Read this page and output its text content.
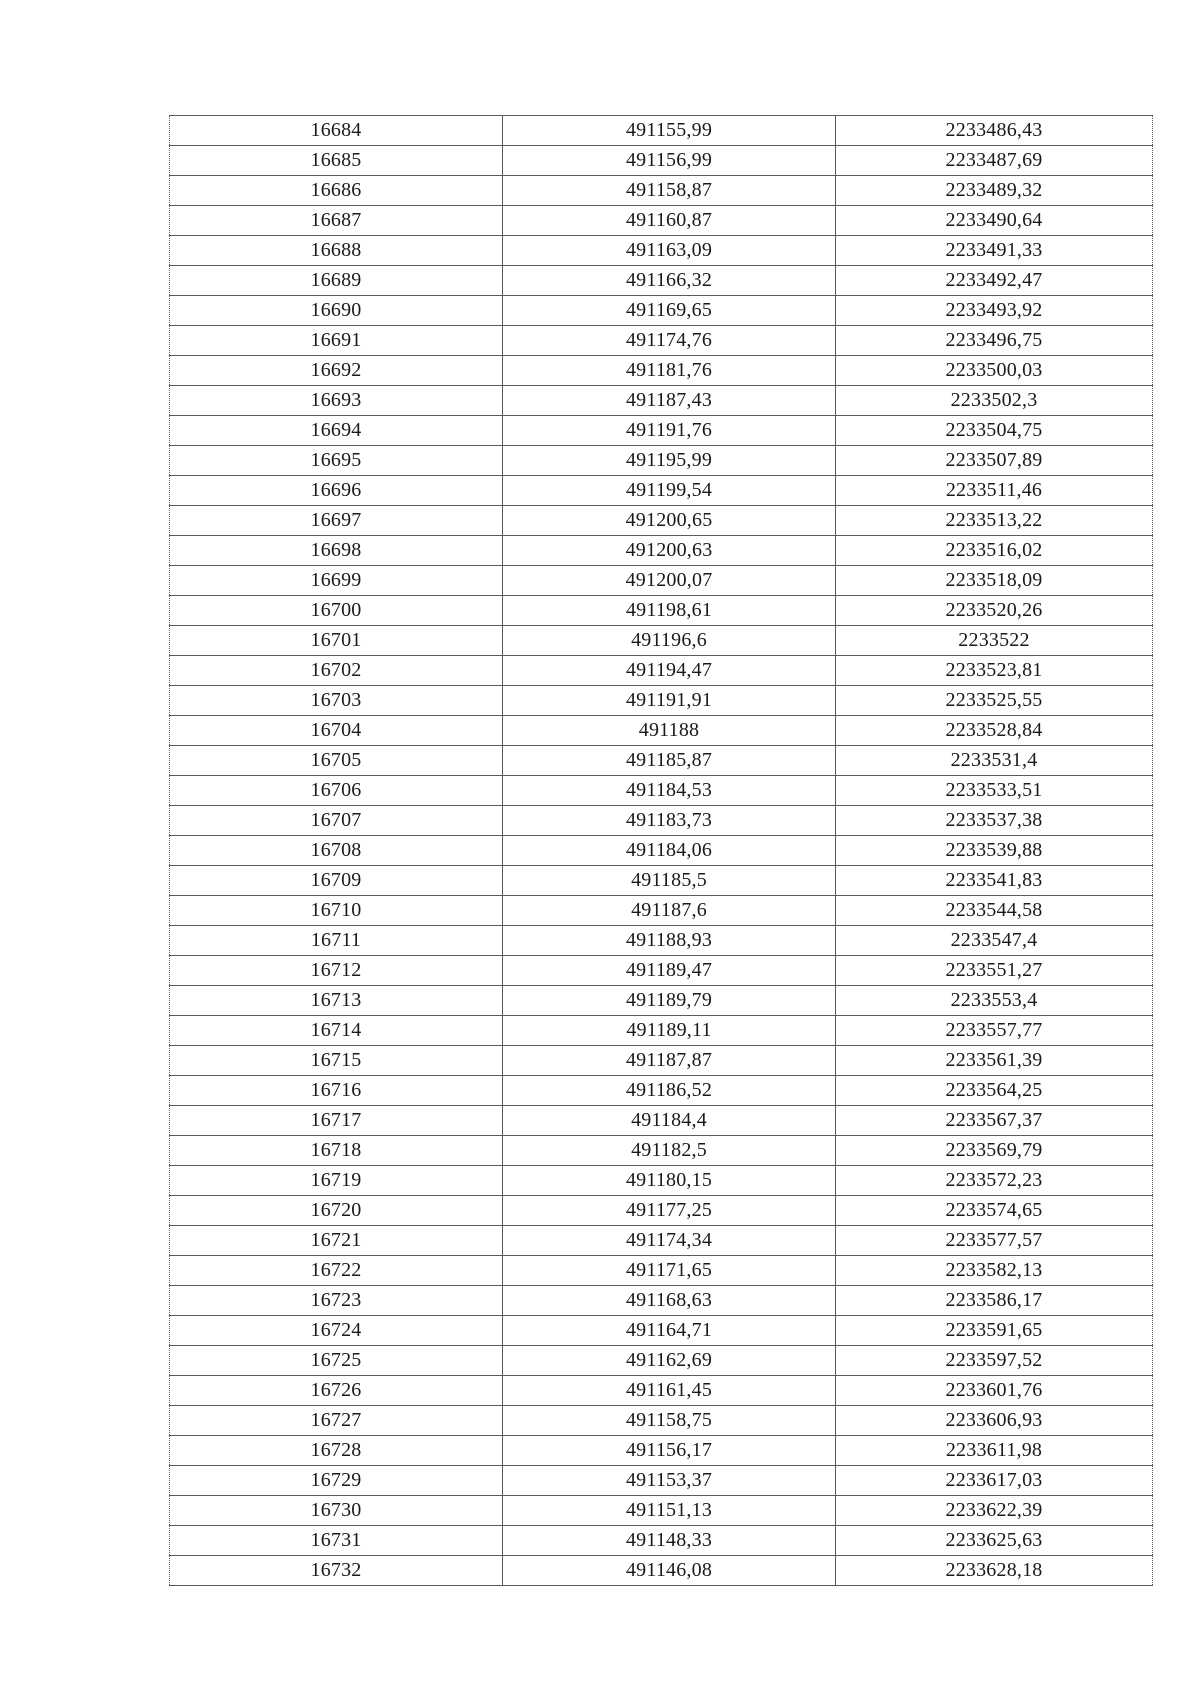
16684	491155,99	2233486,43
16685	491156,99	2233487,69
16686	491158,87	2233489,32
16687	491160,87	2233490,64
16688	491163,09	2233491,33
16689	491166,32	2233492,47
16690	491169,65	2233493,92
16691	491174,76	2233496,75
16692	491181,76	2233500,03
16693	491187,43	2233502,3
16694	491191,76	2233504,75
16695	491195,99	2233507,89
16696	491199,54	2233511,46
16697	491200,65	2233513,22
16698	491200,63	2233516,02
16699	491200,07	2233518,09
16700	491198,61	2233520,26
16701	491196,6	2233522
16702	491194,47	2233523,81
16703	491191,91	2233525,55
16704	491188	2233528,84
16705	491185,87	2233531,4
16706	491184,53	2233533,51
16707	491183,73	2233537,38
16708	491184,06	2233539,88
16709	491185,5	2233541,83
16710	491187,6	2233544,58
16711	491188,93	2233547,4
16712	491189,47	2233551,27
16713	491189,79	2233553,4
16714	491189,11	2233557,77
16715	491187,87	2233561,39
16716	491186,52	2233564,25
16717	491184,4	2233567,37
16718	491182,5	2233569,79
16719	491180,15	2233572,23
16720	491177,25	2233574,65
16721	491174,34	2233577,57
16722	491171,65	2233582,13
16723	491168,63	2233586,17
16724	491164,71	2233591,65
16725	491162,69	2233597,52
16726	491161,45	2233601,76
16727	491158,75	2233606,93
16728	491156,17	2233611,98
16729	491153,37	2233617,03
16730	491151,13	2233622,39
16731	491148,33	2233625,63
16732	491146,08	2233628,18
